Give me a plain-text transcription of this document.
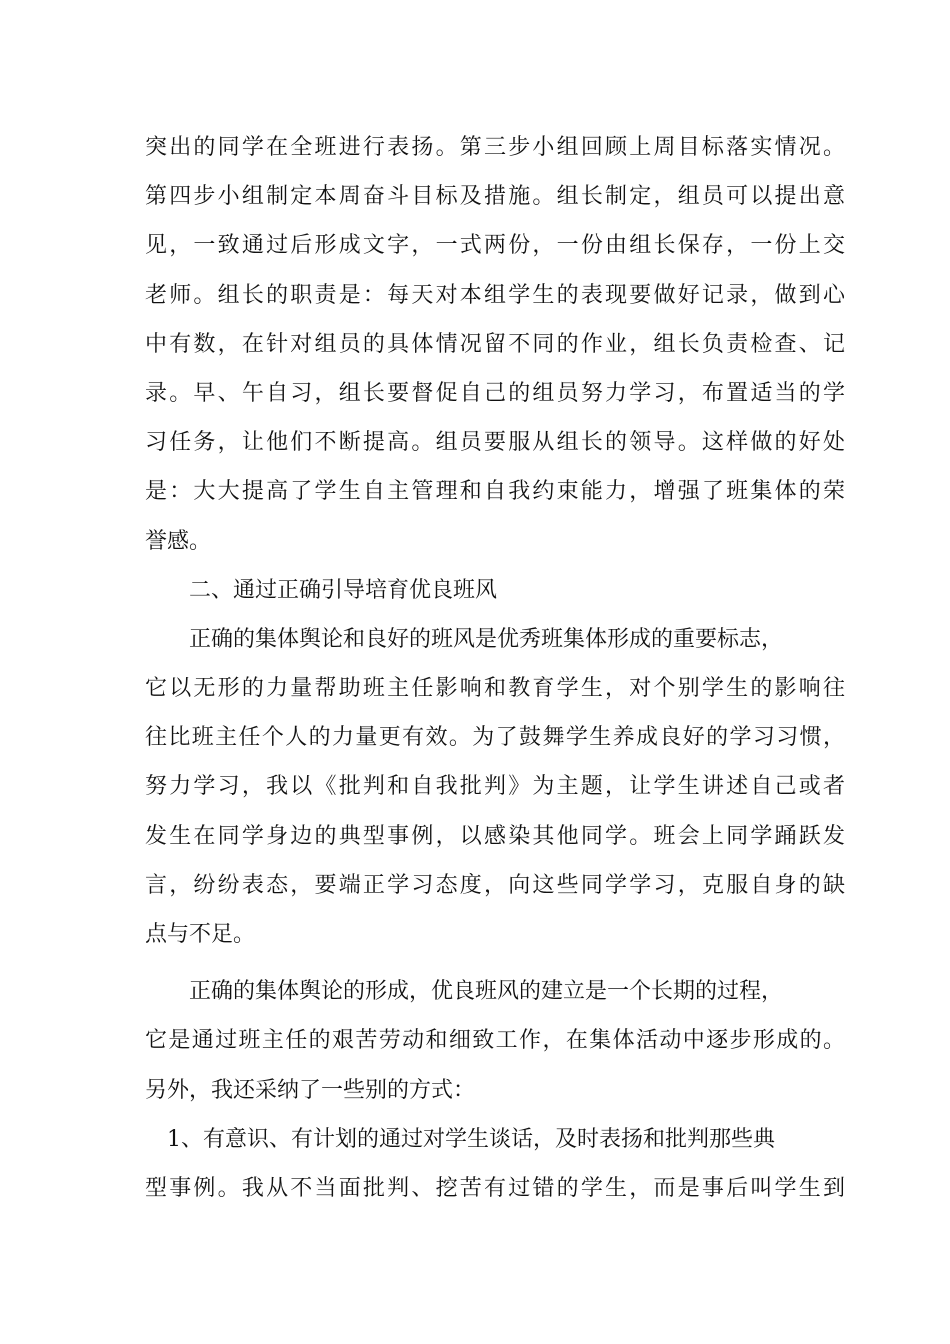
突出的同学在全班进行表扬。第三步小组回顾上周目标落实情况。
第四步小组制定本周奋斗目标及措施。组长制定，组员可以提出意
见，一致通过后形成文字，一式两份，一份由组长保存，一份上交
老师。组长的职责是：每天对本组学生的表现要做好记录，做到心
中有数，在针对组员的具体情况留不同的作业，组长负责检查、记
录。早、午自习，组长要督促自己的组员努力学习，布置适当的学
习任务，让他们不断提高。组员要服从组长的领导。这样做的好处
是：大大提高了学生自主管理和自我约束能力，增强了班集体的荣
誉感。
二、通过正确引导培育优良班风
正确的集体舆论和良好的班风是优秀班集体形成的重要标志，
它以无形的力量帮助班主任影响和教育学生，对个别学生的影响往
往比班主任个人的力量更有效。为了鼓舞学生养成良好的学习习惯，
努力学习，我以《批判和自我批判》为主题，让学生讲述自己或者
发生在同学身边的典型事例，以感染其他同学。班会上同学踊跃发
言，纷纷表态，要端正学习态度，向这些同学学习，克服自身的缺
点与不足。
正确的集体舆论的形成，优良班风的建立是一个长期的过程，
它是通过班主任的艰苦劳动和细致工作，在集体活动中逐步形成的。
另外，我还采纳了一些别的方式：
1、有意识、有计划的通过对学生谈话，及时表扬和批判那些典
型事例。我从不当面批判、挖苦有过错的学生，而是事后叫学生到
